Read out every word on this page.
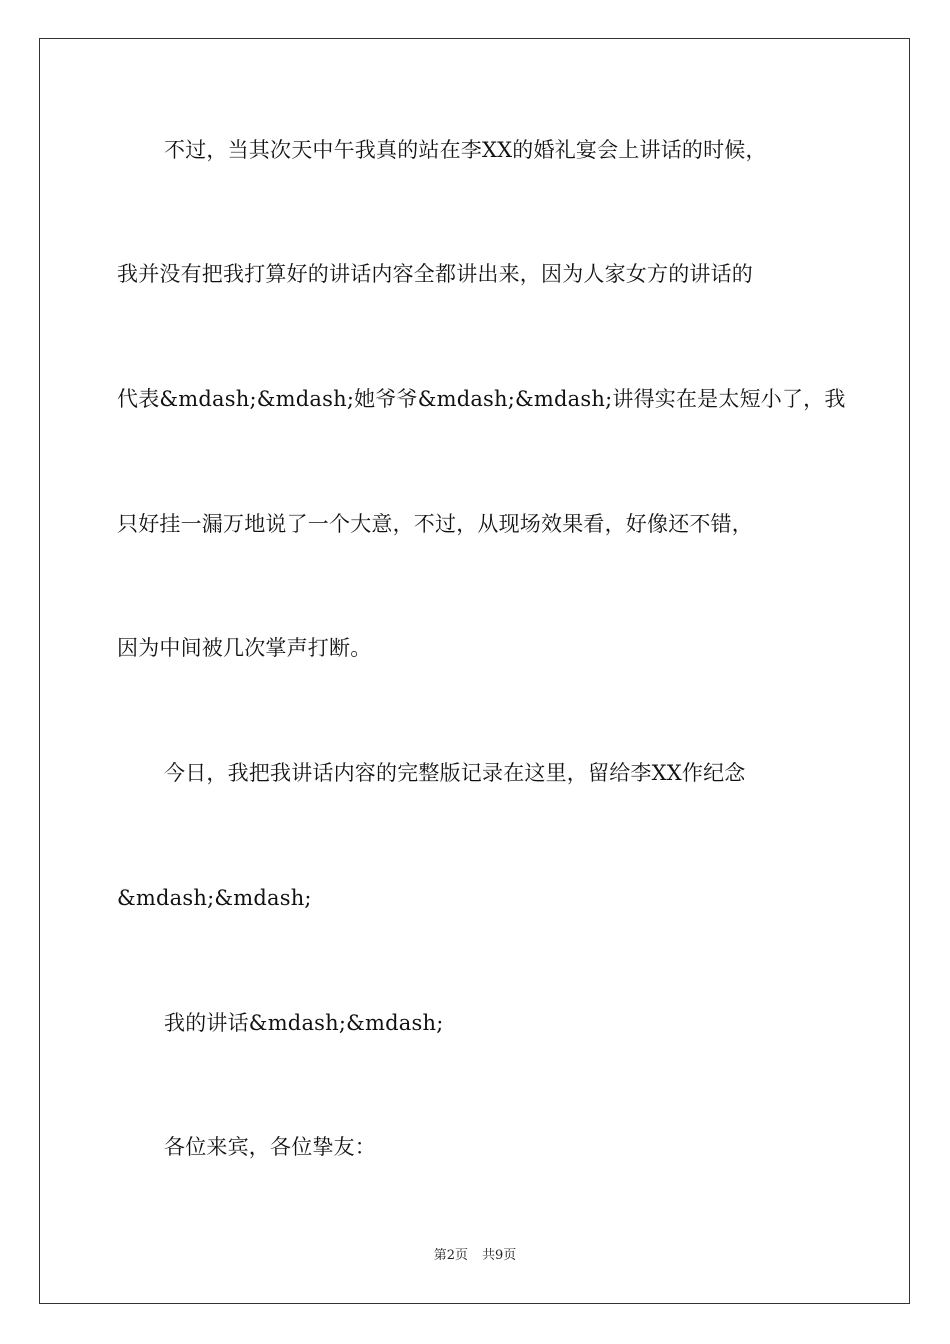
不过，当其次天中午我真的站在李XX的婚礼宴会上讲话的时候，
我并没有把我打算好的讲话内容全都讲出来，因为人家女方的讲话的
代表&mdash;&mdash;她爷爷&mdash;&mdash;讲得实在是太短小了，我
只好挂一漏万地说了一个大意，不过，从现场效果看，好像还不错，
因为中间被几次掌声打断。
今日，我把我讲话内容的完整版记录在这里，留给李XX作纪念
&mdash;&mdash;
我的讲话&mdash;&mdash;
各位来宾，各位挚友：
第2页 共9页
